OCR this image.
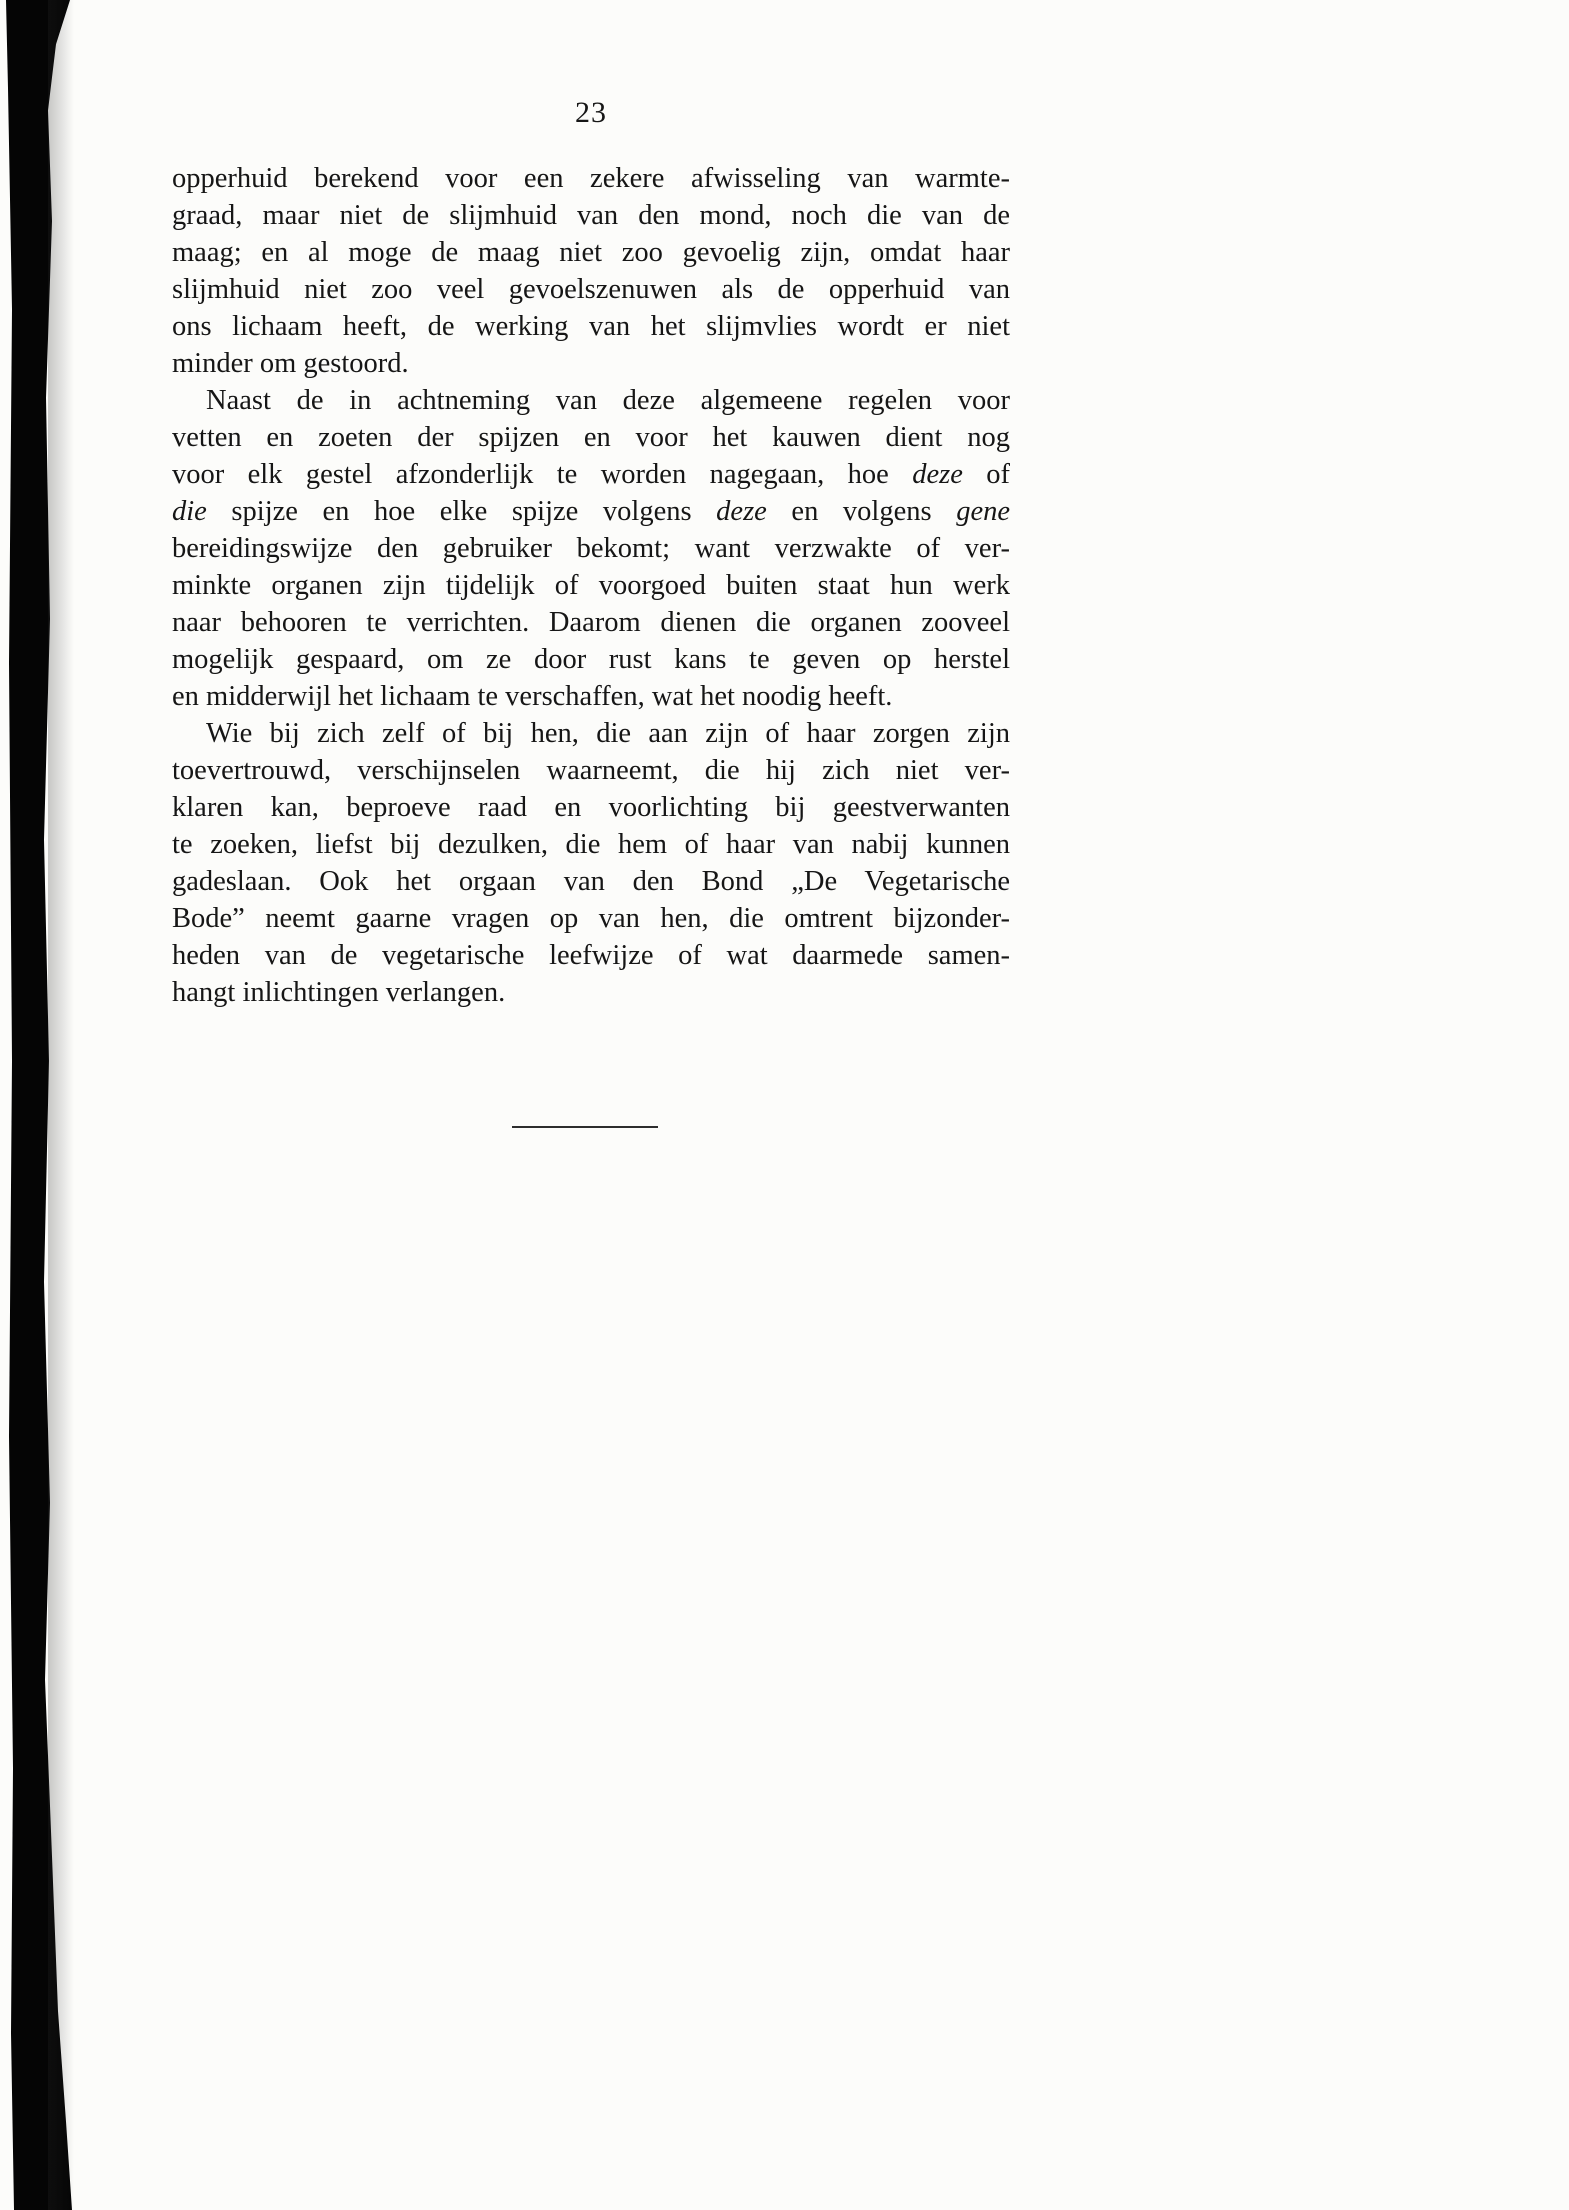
23
opperhuid berekend voor een zekere afwisseling van warmte-
graad, maar niet de slijmhuid van den mond, noch die van de
maag; en al moge de maag niet zoo gevoelig zijn, omdat haar
slijmhuid niet zoo veel gevoelszenuwen als de opperhuid van
ons lichaam heeft, de werking van het slijmvlies wordt er niet
minder om gestoord.
Naast de in achtneming van deze algemeene regelen voor
vetten en zoeten der spijzen en voor het kauwen dient nog
voor elk gestel afzonderlijk te worden nagegaan, hoe deze of
die spijze en hoe elke spijze volgens deze en volgens gene
bereidingswijze den gebruiker bekomt; want verzwakte of ver-
minkte organen zijn tijdelijk of voorgoed buiten staat hun werk
naar behooren te verrichten. Daarom dienen die organen zooveel
mogelijk gespaard, om ze door rust kans te geven op herstel
en midderwijl het lichaam te verschaffen, wat het noodig heeft.
Wie bij zich zelf of bij hen, die aan zijn of haar zorgen zijn
toevertrouwd, verschijnselen waarneemt, die hij zich niet ver-
klaren kan, beproeve raad en voorlichting bij geestverwanten
te zoeken, liefst bij dezulken, die hem of haar van nabij kunnen
gadeslaan. Ook het orgaan van den Bond „De Vegetarische
Bode” neemt gaarne vragen op van hen, die omtrent bijzonder-
heden van de vegetarische leefwijze of wat daarmede samen-
hangt inlichtingen verlangen.
